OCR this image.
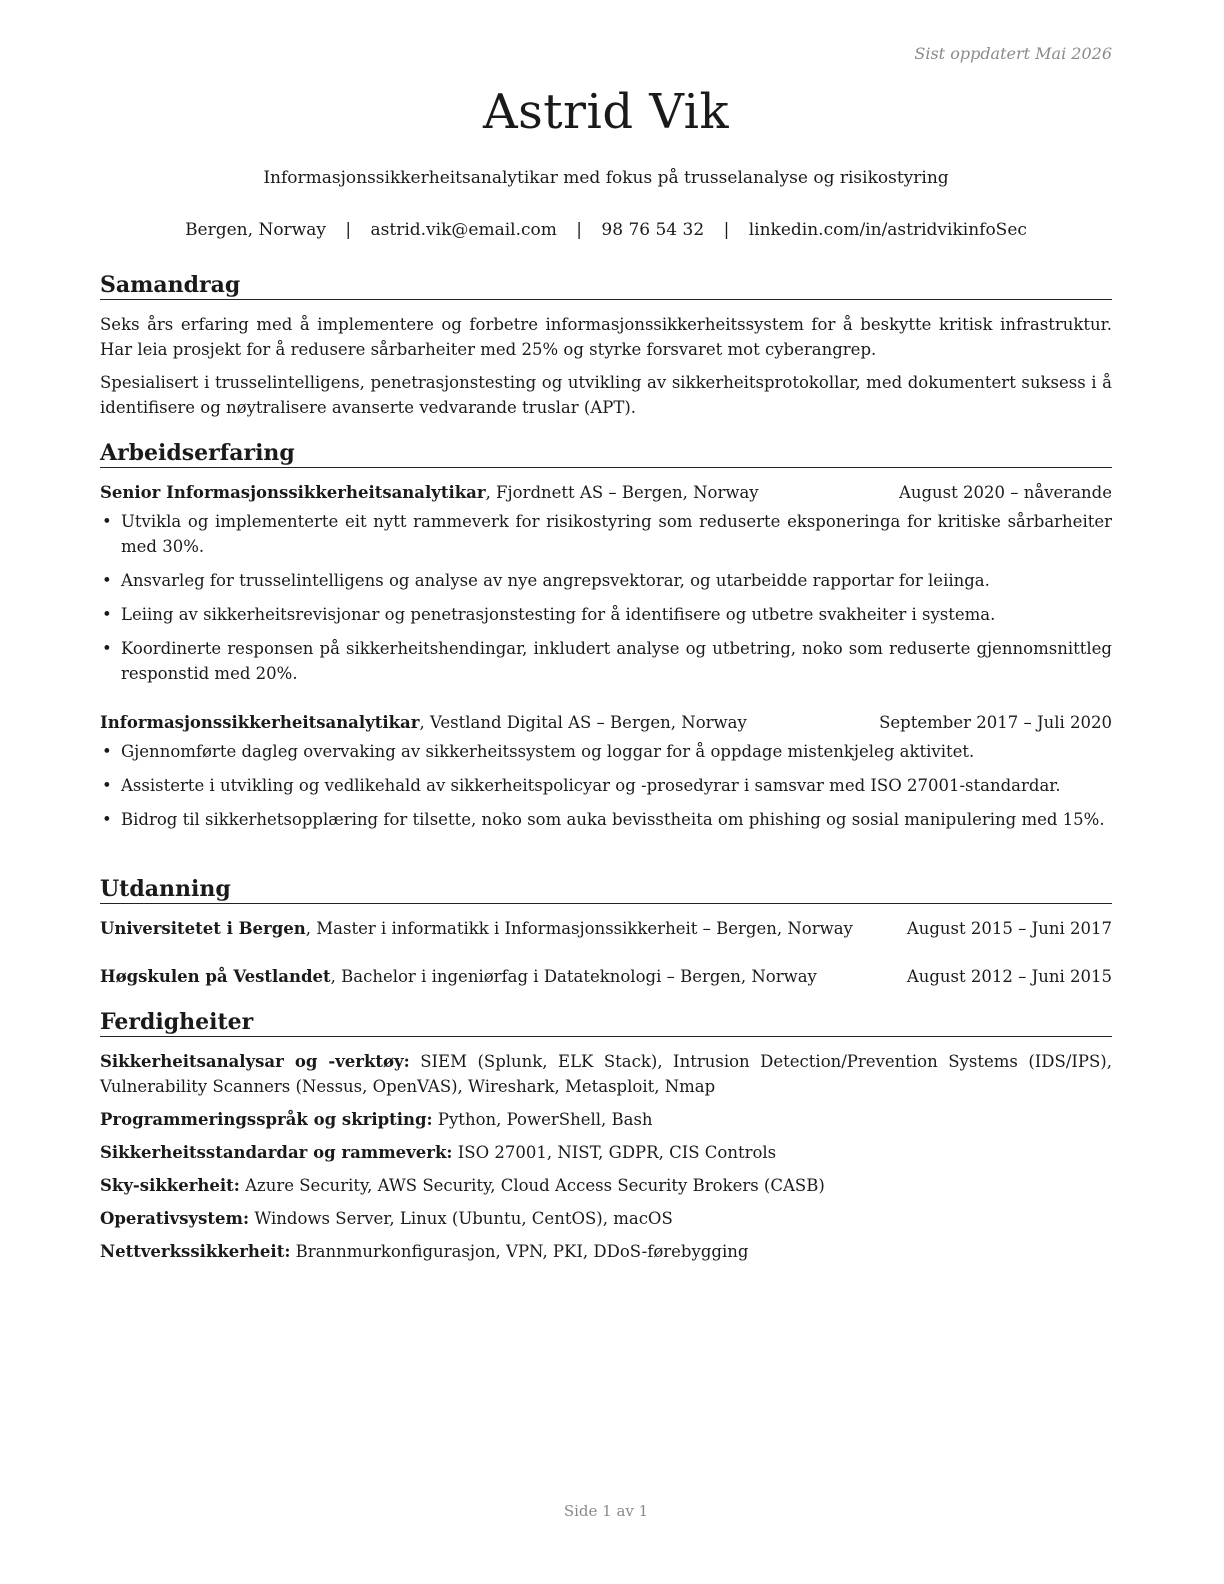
Sist oppdatert Mai 2026
Astrid Vik
Informasjonssikkerheitsanalytikar med fokus på trusselanalyse og risikostyring
Bergen, Norway | astrid.vik@email.com | 98 76 54 32 | linkedin.com/in/astridvikinfoSec
Samandrag

Seks års erfaring med å implementere og forbetre informasjonssikkerheitssystem for å beskytte kritisk infrastruktur. Har leia prosjekt for å redusere sårbarheiter med 25% og styrke forsvaret mot cyberangrep.

Spesialisert i trusselintelligens, penetrasjonstesting og utvikling av sikkerheitsprotokollar, med dokumentert suksess i å identifisere og nøytralisere avanserte vedvarande truslar (APT).

Arbeidserfaring
Senior Informasjonssikkerheitsanalytikar, Fjordnett AS – Bergen, Norway	August 2020 – nåverande
• Utvikla og implementerte eit nytt rammeverk for risikostyring som reduserte eksponeringa for kritiske sårbarheiter med 30%.
• Ansvarleg for trusselintelligens og analyse av nye angrepsvektorar, og utarbeidde rapportar for leiinga.
• Leiing av sikkerheitsrevisjonar og penetrasjonstesting for å identifisere og utbetre svakheiter i systema.
• Koordinerte responsen på sikkerheitshendingar, inkludert analyse og utbetring, noko som reduserte gjennomsnittleg responstid med 20%.
Informasjonssikkerheitsanalytikar, Vestland Digital AS – Bergen, Norway	September 2017 – Juli 2020
• Gjennomførte dagleg overvaking av sikkerheitssystem og loggar for å oppdage mistenkjeleg aktivitet.
• Assisterte i utvikling og vedlikehald av sikkerheitspolicyar og -prosedyrar i samsvar med ISO 27001-standardar.
• Bidrog til sikkerhetsopplæring for tilsette, noko som auka bevisstheita om phishing og sosial manipulering med 15%.
Utdanning
Universitetet i Bergen, Master i informatikk i Informasjonssikkerheit – Bergen, Norway	August 2015 – Juni 2017
Høgskulen på Vestlandet, Bachelor i ingeniørfag i Datateknologi – Bergen, Norway	August 2012 – Juni 2015
Ferdigheiter
Sikkerheitsanalysar og -verktøy: SIEM (Splunk, ELK Stack), Intrusion Detection/Prevention Systems (IDS/IPS), Vulnerability Scanners (Nessus, OpenVAS), Wireshark, Metasploit, Nmap
Programmeringsspråk og skripting: Python, PowerShell, Bash
Sikkerheitsstandardar og rammeverk: ISO 27001, NIST, GDPR, CIS Controls
Sky-sikkerheit: Azure Security, AWS Security, Cloud Access Security Brokers (CASB)
Operativsystem: Windows Server, Linux (Ubuntu, CentOS), macOS
Nettverkssikkerheit: Brannmurkonfigurasjon, VPN, PKI, DDoS-førebygging
Side 1 av 1
